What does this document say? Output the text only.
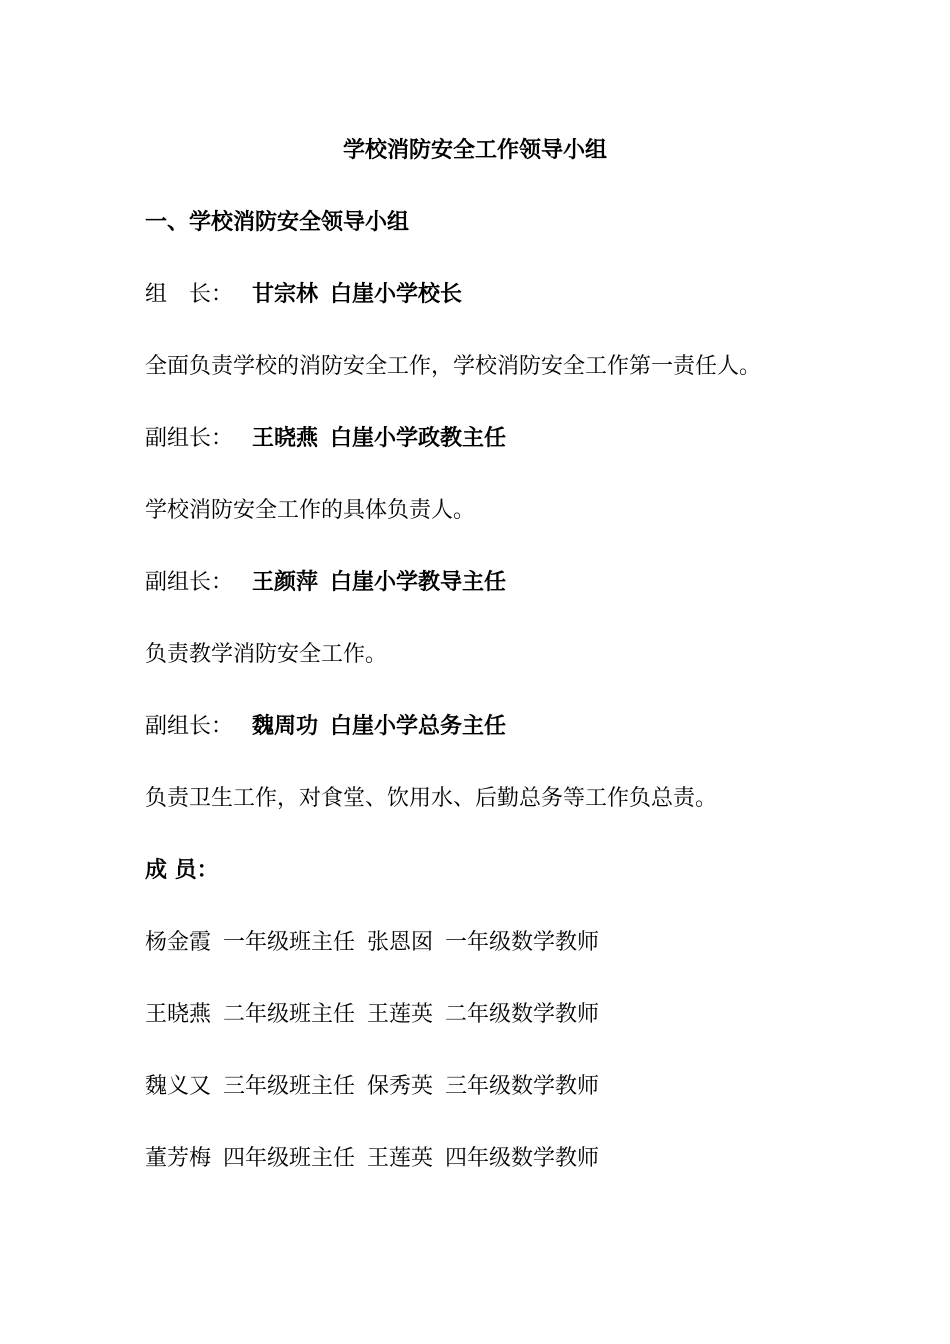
学校消防安全工作领导小组
一、学校消防安全领导小组
组　长： 甘宗林 白崖小学校长
全面负责学校的消防安全工作，学校消防安全工作第一责任人。
副组长： 王晓燕 白崖小学政教主任
学校消防安全工作的具体负责人。
副组长： 王颜萍 白崖小学教导主任
负责教学消防安全工作。
副组长： 魏周功 白崖小学总务主任
负责卫生工作，对食堂、饮用水、后勤总务等工作负总责。
成 员：
杨金霞 一年级班主任 张恩囡 一年级数学教师
王晓燕 二年级班主任 王莲英 二年级数学教师
魏义又 三年级班主任 保秀英 三年级数学教师
董芳梅 四年级班主任 王莲英 四年级数学教师
